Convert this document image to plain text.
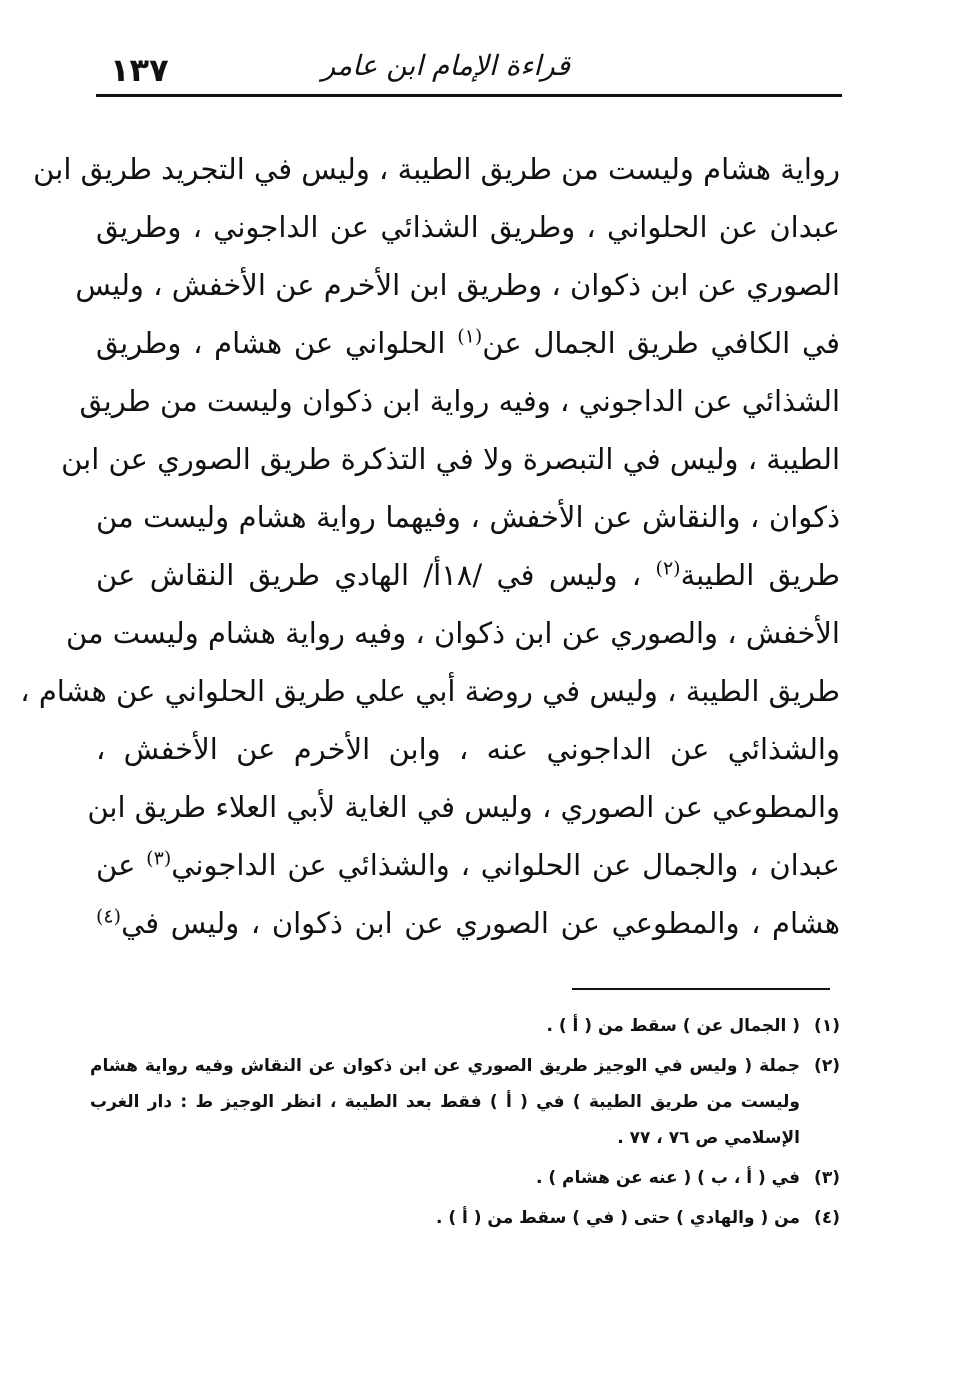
قراءة الإمام ابن عامر
١٣٧
رواية هشام وليست من طريق الطيبة ، وليس في التجريد طريق ابن
عبدان عن الحلواني ، وطريق الشذائي عن الداجوني ، وطريق
الصوري عن ابن ذكوان ، وطريق ابن الأخرم عن الأخفش ، وليس
في الكافي طريق الجمال عن$^{(١)}$ الحلواني عن هشام ، وطريق
الشذائي عن الداجوني ، وفيه رواية ابن ذكوان وليست من طريق
الطيبة ، وليس في التبصرة ولا في التذكرة طريق الصوري عن ابن
ذكوان ، والنقاش عن الأخفش ، وفيهما رواية هشام وليست من
طريق الطيبة$^{(٢)}$ ، وليس في /١٨أ/ الهادي طريق النقاش عن
الأخفش ، والصوري عن ابن ذكوان ، وفيه رواية هشام وليست من
طريق الطيبة ، وليس في روضة أبي علي طريق الحلواني عن هشام ،
والشذائي عن الداجوني عنه ، وابن الأخرم عن الأخفش ،
والمطوعي عن الصوري ، وليس في الغاية لأبي العلاء طريق ابن
عبدان ، والجمال عن الحلواني ، والشذائي عن الداجوني$^{(٣)}$ عن
هشام ، والمطوعي عن الصوري عن ابن ذكوان ، وليس في$^{(٤)}$
(١)
( الجمال عن ) سقط من ( أ ) .
(٢)
جملة ( وليس في الوجيز طريق الصوري عن ابن ذكوان عن النقاش وفيه رواية هشام
وليست من طريق الطيبة ) في ( أ ) فقط بعد الطيبة ، انظر الوجيز ط : دار الغرب
الإسلامي ص ٧٦ ، ٧٧ .
(٣)
في ( أ ، ب ) ( عنه عن هشام ) .
(٤)
من ( والهادي ) حتى ( في ) سقط من ( أ ) .
